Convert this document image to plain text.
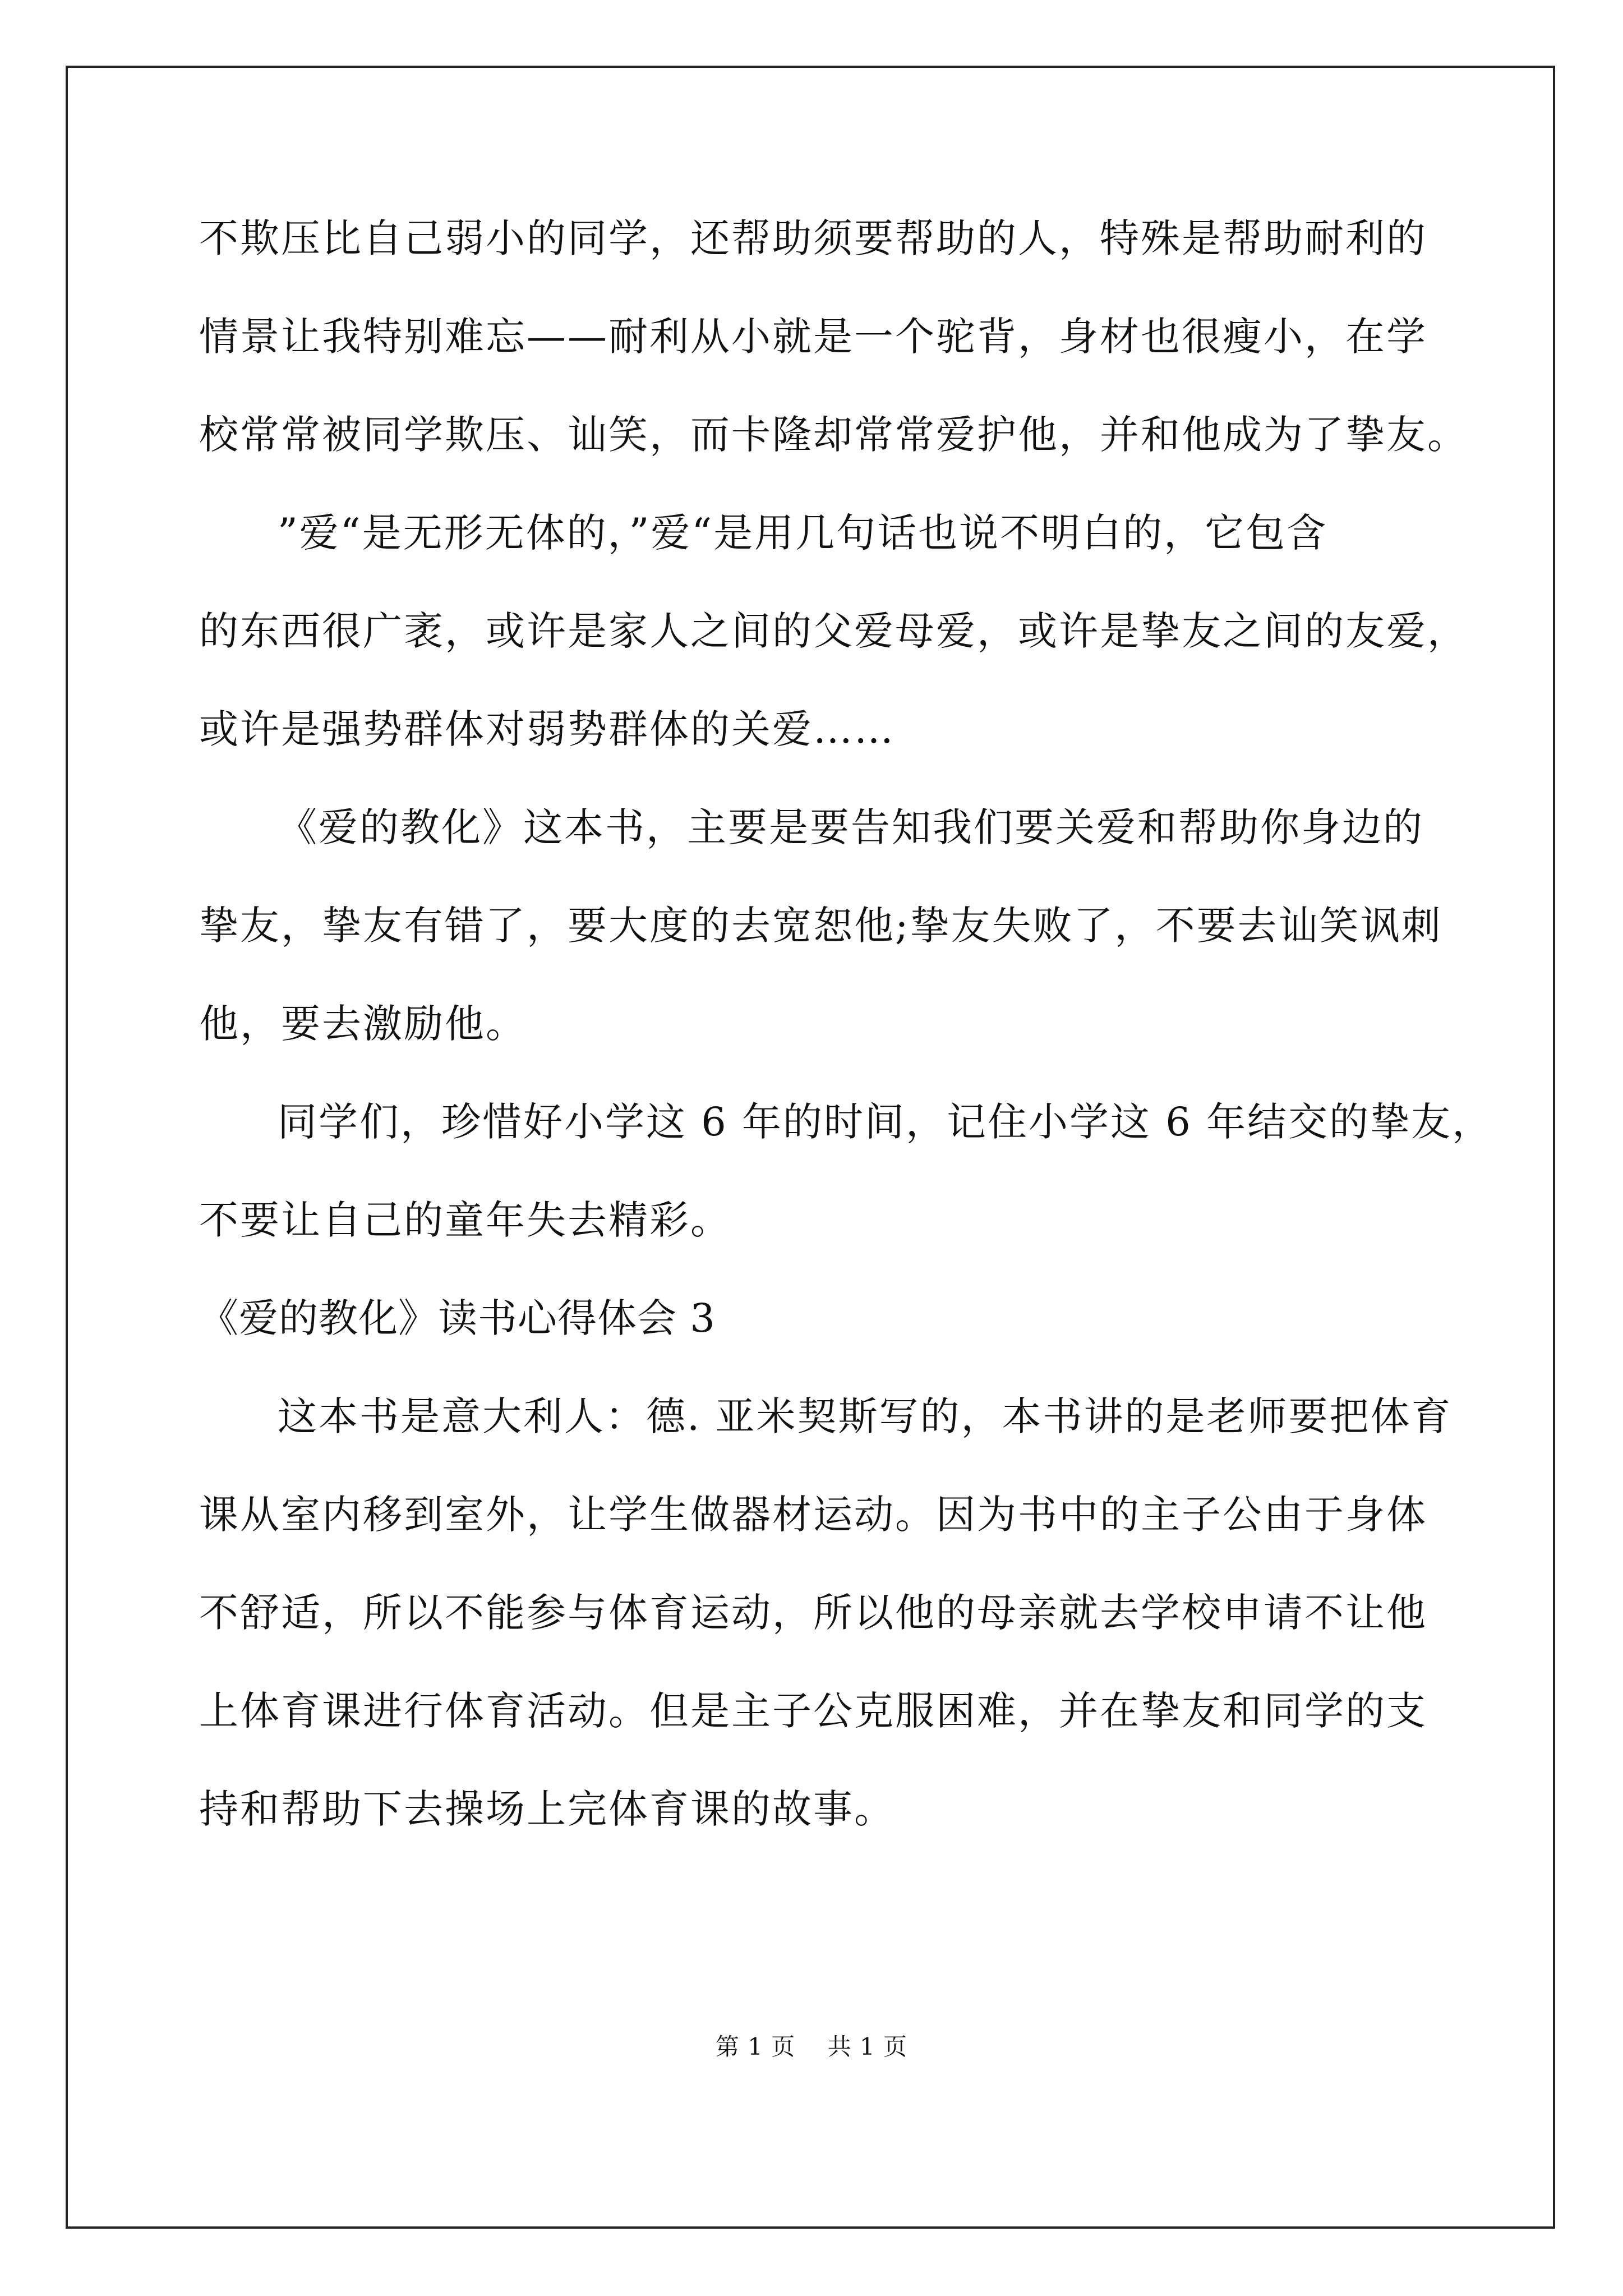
不欺压比自己弱小的同学，还帮助须要帮助的人，特殊是帮助耐利的
情景让我特别难忘——耐利从小就是一个驼背，身材也很瘦小，在学
校常常被同学欺压、讪笑，而卡隆却常常爱护他，并和他成为了挚友。
”爱“是无形无体的，”爱“是用几句话也说不明白的，它包含
的东西很广袤，或许是家人之间的父爱母爱，或许是挚友之间的友爱，
或许是强势群体对弱势群体的关爱……
《爱的教化》这本书，主要是要告知我们要关爱和帮助你身边的
挚友，挚友有错了，要大度的去宽恕他;挚友失败了，不要去讪笑讽刺
他，要去激励他。
同学们，珍惜好小学这 6 年的时间，记住小学这 6 年结交的挚友，
不要让自己的童年失去精彩。
《爱的教化》读书心得体会 3
这本书是意大利人：德. 亚米契斯写的，本书讲的是老师要把体育
课从室内移到室外，让学生做器材运动。因为书中的主子公由于身体
不舒适，所以不能参与体育运动，所以他的母亲就去学校申请不让他
上体育课进行体育活动。但是主子公克服困难，并在挚友和同学的支
持和帮助下去操场上完体育课的故事。
第 1 页    共 1 页
